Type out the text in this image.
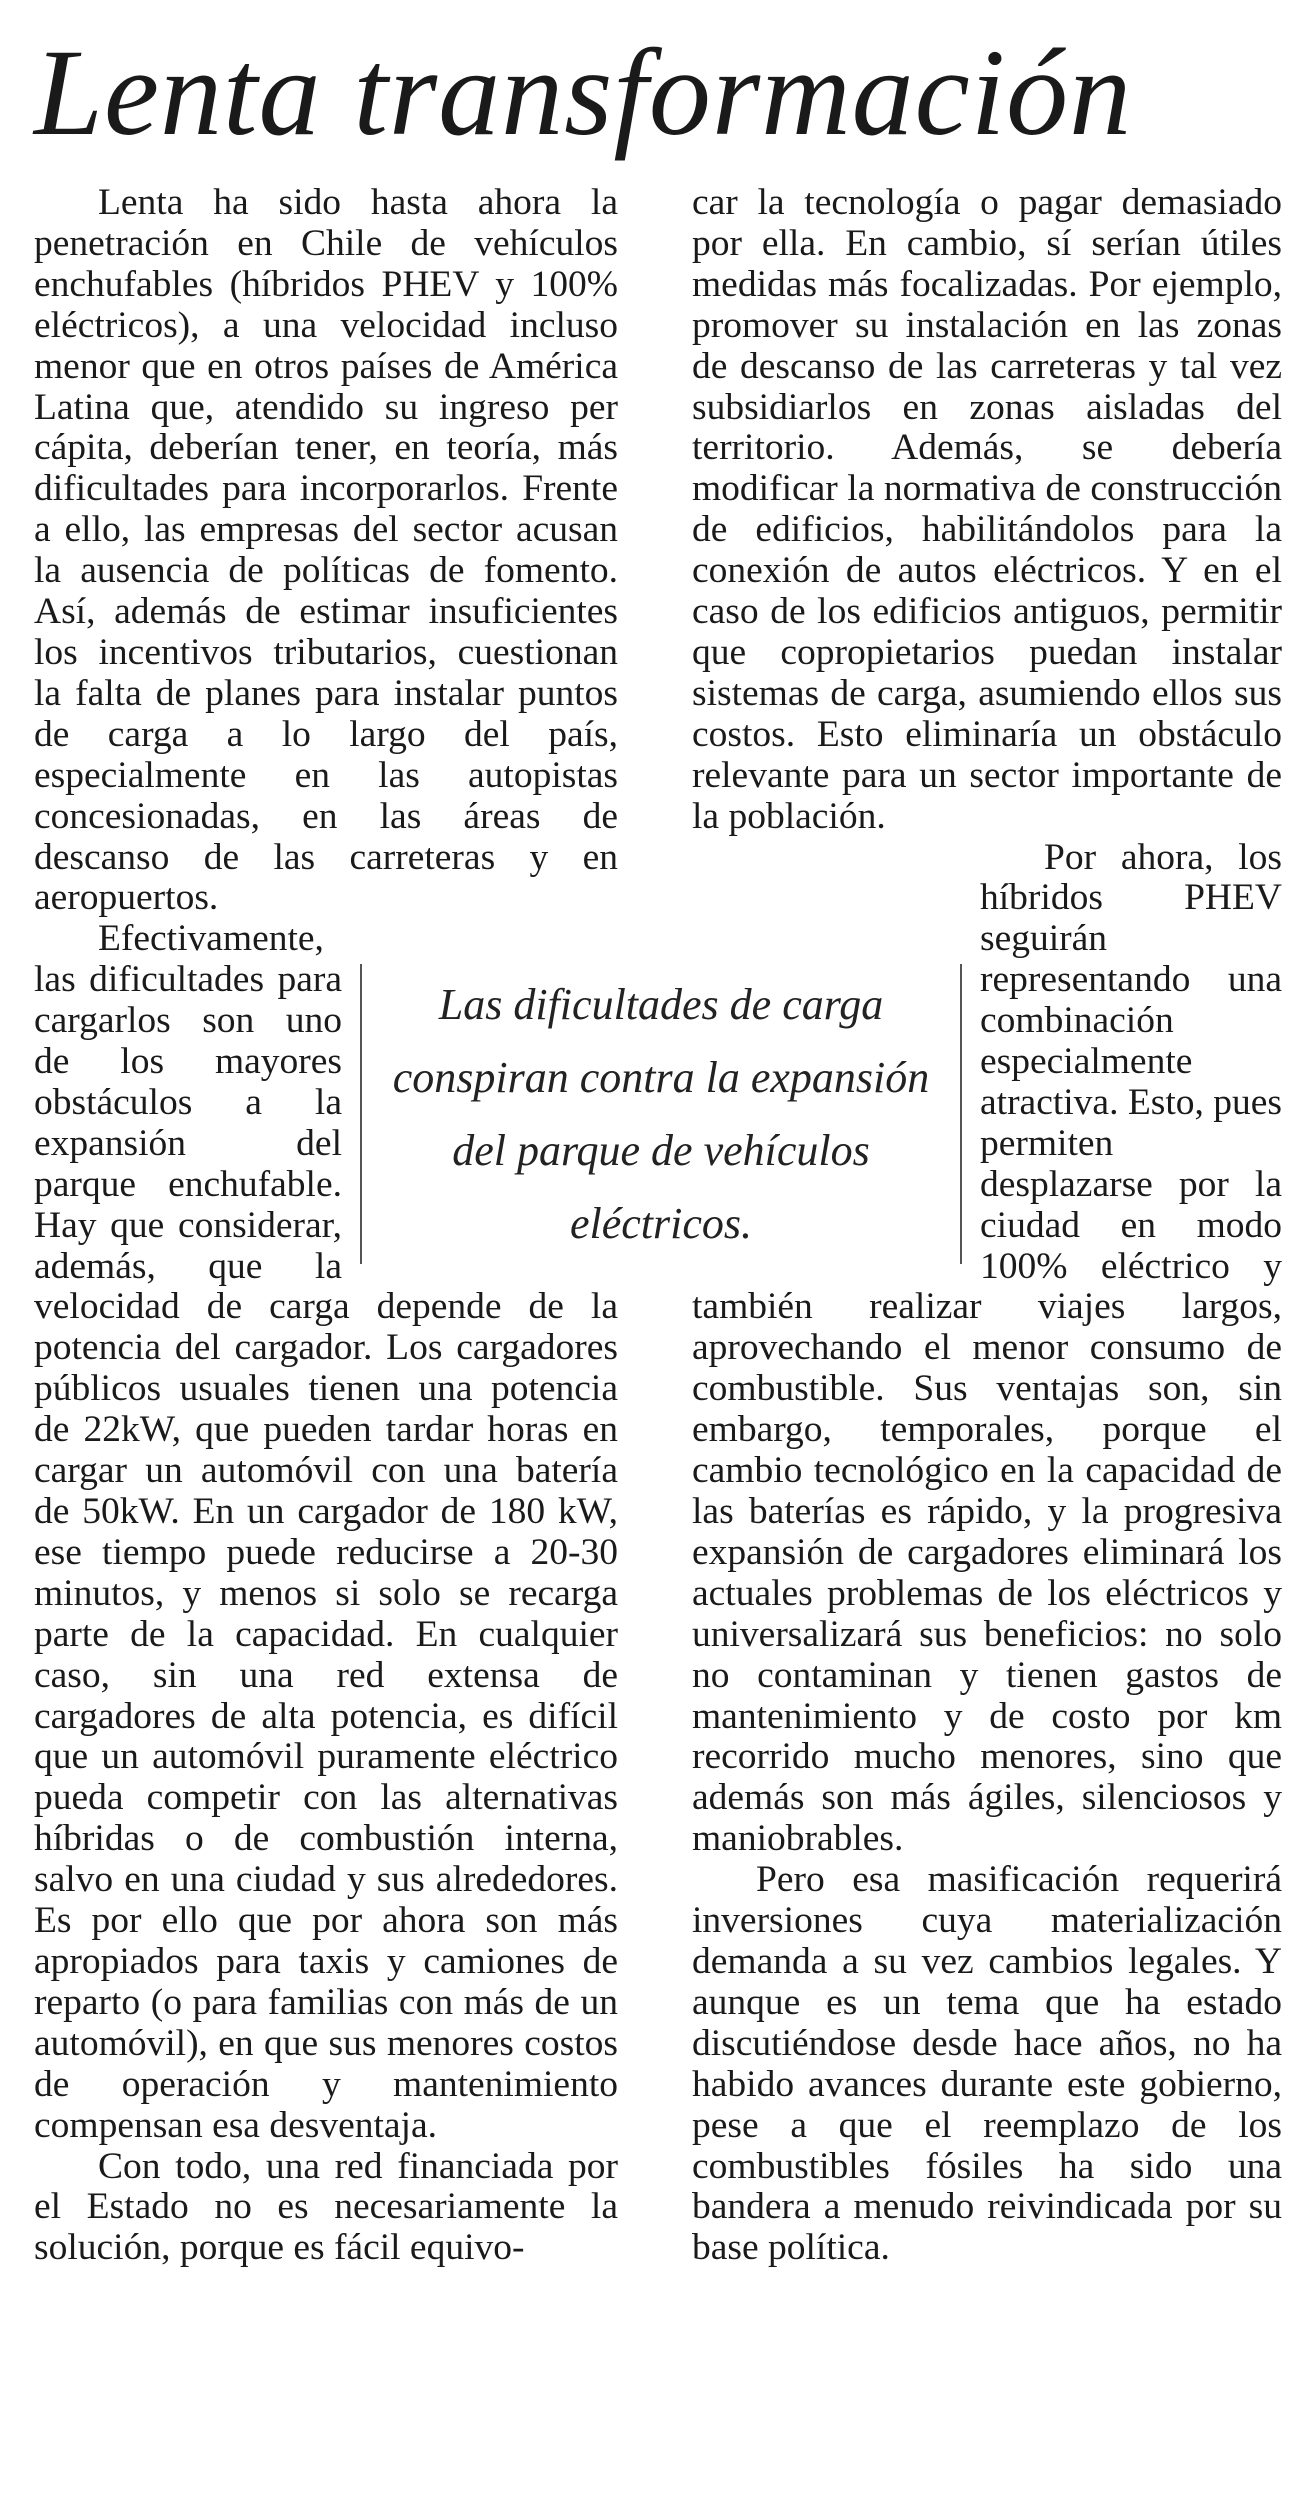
Lenta transformación

Lenta ha sido hasta ahora la penetración en Chile de vehículos enchufables (híbridos PHEV y 100% eléctricos), a una velocidad incluso menor que en otros países de América Latina que, atendido su ingreso per cápita, deberían tener, en teoría, más dificultades para incorporarlos. Frente a ello, las empresas del sector acusan la ausencia de políticas de fomento. Así, además de estimar insuficientes los incentivos tributarios, cuestionan la falta de planes para instalar puntos de carga a lo largo del país, especialmente en las autopistas concesionadas, en las áreas de descanso de las carreteras y en aeropuertos.

Efectivamente, las dificultades para cargarlos son uno de los mayores obstáculos a la expansión del parque enchufable. Hay que considerar, además, que la velocidad de carga depende de la potencia del cargador. Los cargadores públicos usuales tienen una potencia de 22kW, que pueden tardar horas en cargar un automóvil con una batería de 50kW. En un cargador de 180 kW, ese tiempo puede reducirse a 20-30 minutos, y menos si solo se recarga parte de la capacidad. En cualquier caso, sin una red extensa de cargadores de alta potencia, es difícil que un automóvil puramente eléctrico pueda competir con las alternativas híbridas o de combustión interna, salvo en una ciudad y sus alrededores. Es por ello que por ahora son más apropiados para taxis y camiones de reparto (o para familias con más de un automóvil), en que sus menores costos de operación y mantenimiento compensan esa desventaja.

Con todo, una red financiada por el Estado no es necesariamente la solución, porque es fácil equivo-

car la tecnología o pagar demasiado por ella. En cambio, sí serían útiles medidas más focalizadas. Por ejemplo, promover su instalación en las zonas de descanso de las carreteras y tal vez subsidiarlos en zonas aisladas del territorio. Además, se debería modificar la normativa de construcción de edificios, habilitándolos para la conexión de autos eléctricos. Y en el caso de los edificios antiguos, permitir que copropietarios puedan instalar sistemas de carga, asumiendo ellos sus costos. Esto eliminaría un obstáculo relevante para un sector importante de la población.

Por ahora, los híbridos PHEV seguirán representando una combinación especialmente atractiva. Esto, pues permiten desplazarse por la ciudad en modo 100% eléctrico y también realizar viajes largos, aprovechando el menor consumo de combustible. Sus ventajas son, sin embargo, temporales, porque el cambio tecnológico en la capacidad de las baterías es rápido, y la progresiva expansión de cargadores eliminará los actuales problemas de los eléctricos y universalizará sus beneficios: no solo no contaminan y tienen gastos de mantenimiento y de costo por km recorrido mucho menores, sino que además son más ágiles, silenciosos y maniobrables.

Pero esa masificación requerirá inversiones cuya materialización demanda a su vez cambios legales. Y aunque es un tema que ha estado discutiéndose desde hace años, no ha habido avances durante este gobierno, pese a que el reemplazo de los combustibles fósiles ha sido una bandera a menudo reivindicada por su base política.

Las dificultades de carga conspiran contra la expansión del parque de vehículos eléctricos.
